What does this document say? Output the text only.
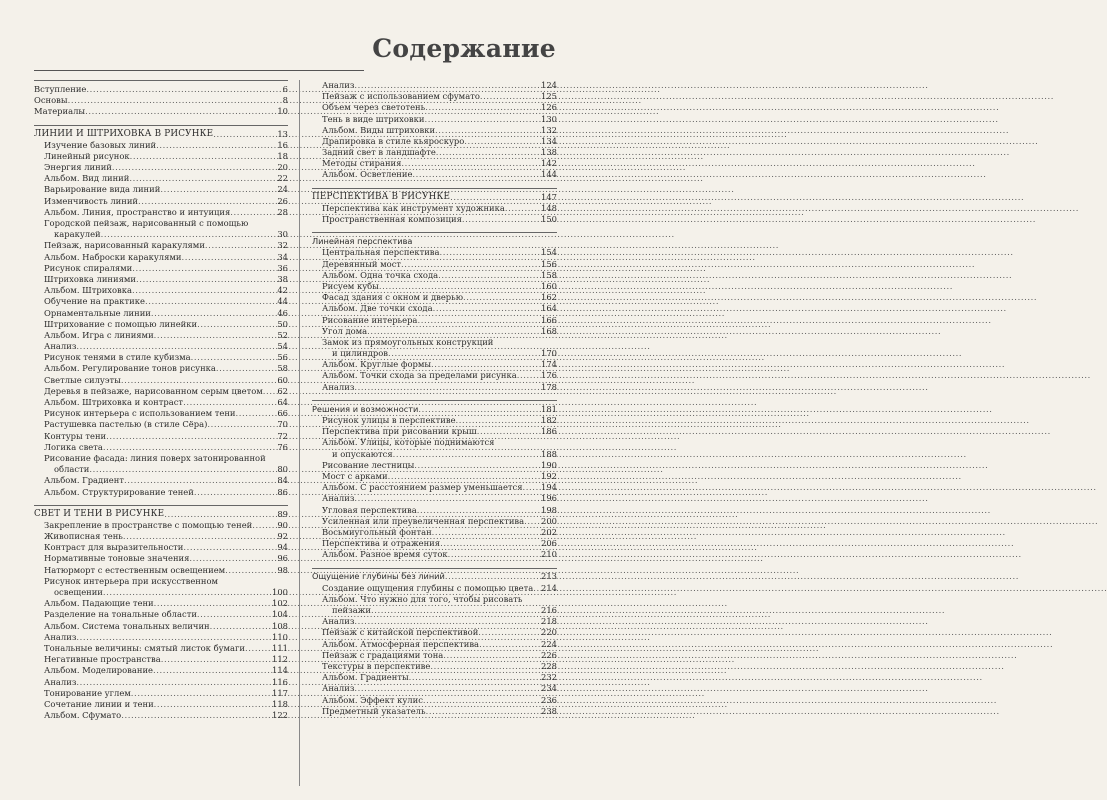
Содержание
Вступление .....	6
Основы .....	8
Материалы .....	10
ЛИНИИ И ШТРИХОВКА В РИСУНКЕ .....	13
Изучение базовых линий .....	16
Линейный рисунок .....	18
Энергия линий .....	20
Альбом. Вид линий .....	22
Варьирование вида линий .....	24
Изменчивость линий .....	26
Альбом. Линия, пространство и интуиция .....	28
Городской пейзаж, нарисованный с помощью
каракулей .....	30
Пейзаж, нарисованный каракулями .....	32
Альбом. Наброски каракулями .....	34
Рисунок спиралями .....	36
Штриховка линиями .....	38
Альбом. Штриховка .....	42
Обучение на практике .....	44
Орнаментальные линии .....	46
Штрихование с помощью линейки .....	50
Альбом. Игра с линиями .....	52
Анализ .....	54
Рисунок тенями в стиле кубизма .....	56
Альбом. Регулирование тонов рисунка .....	58
Светлые силуэты .....	60
Деревья в пейзаже, нарисованном серым цветом ..... 62
Альбом. Штриховка и контраст .....	64
Рисунок интерьера с использованием тени .....	66
Растушевка пастелью (в стиле Сёра) .....	70
Контуры тени .....	72
Логика света .....	76
Рисование фасада: линия поверх затонированной
области .....	80
Альбом. Градиент .....	84
Альбом. Структурирование теней .....	86
СВЕТ И ТЕНИ В РИСУНКЕ .....	89
Закрепление в пространстве с помощью теней .....	90
Живописная тень .....	92
Контраст для выразительности .....	94
Нормативные тоновые значения .....	96
Натюрморт с естественным освещением .....	98
Рисунок интерьера при искусственном
освещении .....	100
Альбом. Падающие тени .....	102
Разделение на тональные области .....	104
Альбом. Система тональных величин .....	108
Анализ .....	110
Тональные величины: смятый листок бумаги .....	111
Негативные пространства .....	112
Альбом. Моделирование .....	114
Анализ .....	116
Тонирование углем .....	117
Сочетание линии и тени .....	118
Альбом. Сфумато .....	122
Анализ .....	124
Пейзаж с использованием сфумато .....	125
Объем через светотень .....	126
Тень в виде штриховки .....	130
Альбом. Виды штриховки .....	132
Драпировка в стиле кьяроскуро .....	134
Задний свет в ландшафте .....	138
Методы стирания .....	142
Альбом. Осветление .....	144
ПЕРСПЕКТИВА В РИСУНКЕ .....	147
Перспектива как инструмент художника .....	148
Пространственная композиция .....	150
Линейная перспектива
Центральная перспектива .....	154
Деревянный мост .....	156
Альбом. Одна точка схода .....	158
Рисуем кубы .....	160
Фасад здания с окном и дверью .....	162
Альбом. Две точки схода .....	164
Рисование интерьера .....	166
Угол дома .....	168
Замок из прямоугольных конструкций
и цилиндров .....	170
Альбом. Круглые формы .....	174
Альбом. Точки схода за пределами рисунка .....	176
Анализ .....	178
Решения и возможности .....	181
Рисунок улицы в перспективе .....	182
Перспектива при рисовании крыш .....	186
Альбом. Улицы, которые поднимаются
и опускаются .....	188
Рисование лестницы .....	190
Мост с арками .....	192
Альбом. С расстоянием размер уменьшается ..... 194
Анализ .....	196
Угловая перспектива .....	198
Усиленная или преувеличенная перспектива ..... 200
Восьмиугольный фонтан .....	202
Перспектива и отражения .....	206
Альбом. Разное время суток .....	210
Ощущение глубины без линий .....	213
Создание ощущения глубины с помощью цвета ..... 214
Альбом. Что нужно для того, чтобы рисовать
пейзажи .....	216
Анализ .....	218
Пейзаж с китайской перспективой .....	220
Альбом. Атмосферная перспектива .....	224
Пейзаж с градациями тона .....	226
Текстуры в перспективе .....	228
Альбом. Градиенты .....	232
Анализ .....	234
Альбом. Эффект кулис .....	236
Предметный указатель .....	238
